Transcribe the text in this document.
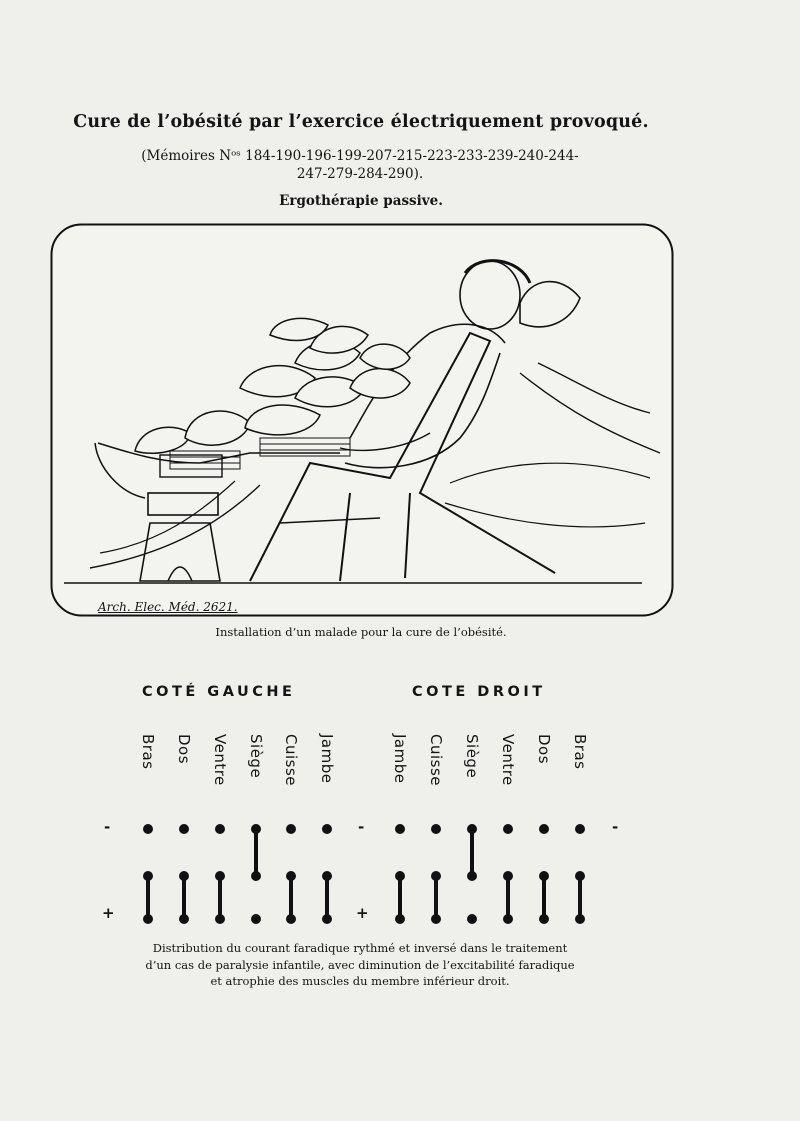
Cure de l’obésité par l’exercice électriquement provoqué.
(Mémoires Nᵒˢ 184-190-196-199-207-215-223-233-239-240-244-
247-279-284-290).
Ergothérapie passive.
Arch. Elec. Méd. 2621.
Installation d’un malade pour la cure de l’obésité.
COTÉ GAUCHE	COTE DROIT
Bras Dos Ventre Siège Cuisse Jambe	Jambe Cuisse Siège Ventre Dos Bras
-	-	-
+	+
Distribution du courant faradique rythmé et inversé dans le traitement
d’un cas de paralysie infantile, avec diminution de l’excitabilité faradique
et atrophie des muscles du membre inférieur droit.
